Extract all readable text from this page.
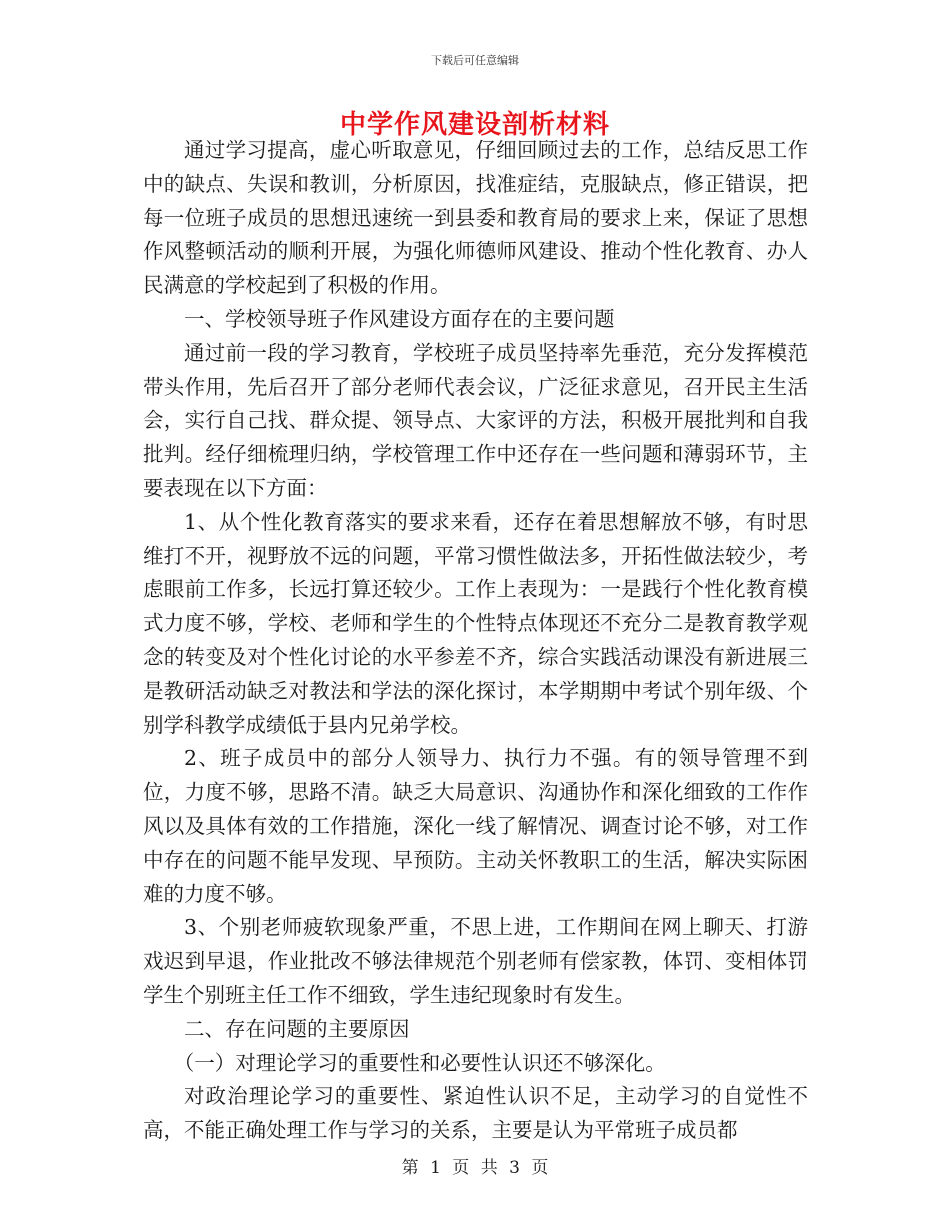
下载后可任意编辑
中学作风建设剖析材料

通过学习提高，虚心听取意见，仔细回顾过去的工作，总结反思工作中的缺点、失误和教训，分析原因，找准症结，克服缺点，修正错误，把每一位班子成员的思想迅速统一到县委和教育局的要求上来，保证了思想作风整顿活动的顺利开展，为强化师德师风建设、推动个性化教育、办人民满意的学校起到了积极的作用。

一、学校领导班子作风建设方面存在的主要问题

通过前一段的学习教育，学校班子成员坚持率先垂范，充分发挥模范带头作用，先后召开了部分老师代表会议，广泛征求意见，召开民主生活会，实行自己找、群众提、领导点、大家评的方法，积极开展批判和自我批判。经仔细梳理归纳，学校管理工作中还存在一些问题和薄弱环节，主要表现在以下方面：

1、从个性化教育落实的要求来看，还存在着思想解放不够，有时思维打不开，视野放不远的问题，平常习惯性做法多，开拓性做法较少，考虑眼前工作多，长远打算还较少。工作上表现为：一是践行个性化教育模式力度不够，学校、老师和学生的个性特点体现还不充分二是教育教学观念的转变及对个性化讨论的水平参差不齐，综合实践活动课没有新进展三是教研活动缺乏对教法和学法的深化探讨，本学期期中考试个别年级、个别学科教学成绩低于县内兄弟学校。

2、班子成员中的部分人领导力、执行力不强。有的领导管理不到位，力度不够，思路不清。缺乏大局意识、沟通协作和深化细致的工作作风以及具体有效的工作措施，深化一线了解情况、调查讨论不够，对工作中存在的问题不能早发现、早预防。主动关怀教职工的生活，解决实际困难的力度不够。

3、个别老师疲软现象严重，不思上进，工作期间在网上聊天、打游戏迟到早退，作业批改不够法律规范个别老师有偿家教，体罚、变相体罚学生个别班主任工作不细致，学生违纪现象时有发生。

二、存在问题的主要原因

（一）对理论学习的重要性和必要性认识还不够深化。

对政治理论学习的重要性、紧迫性认识不足，主动学习的自觉性不高，不能正确处理工作与学习的关系，主要是认为平常班子成员都

第 1 页 共 3 页
